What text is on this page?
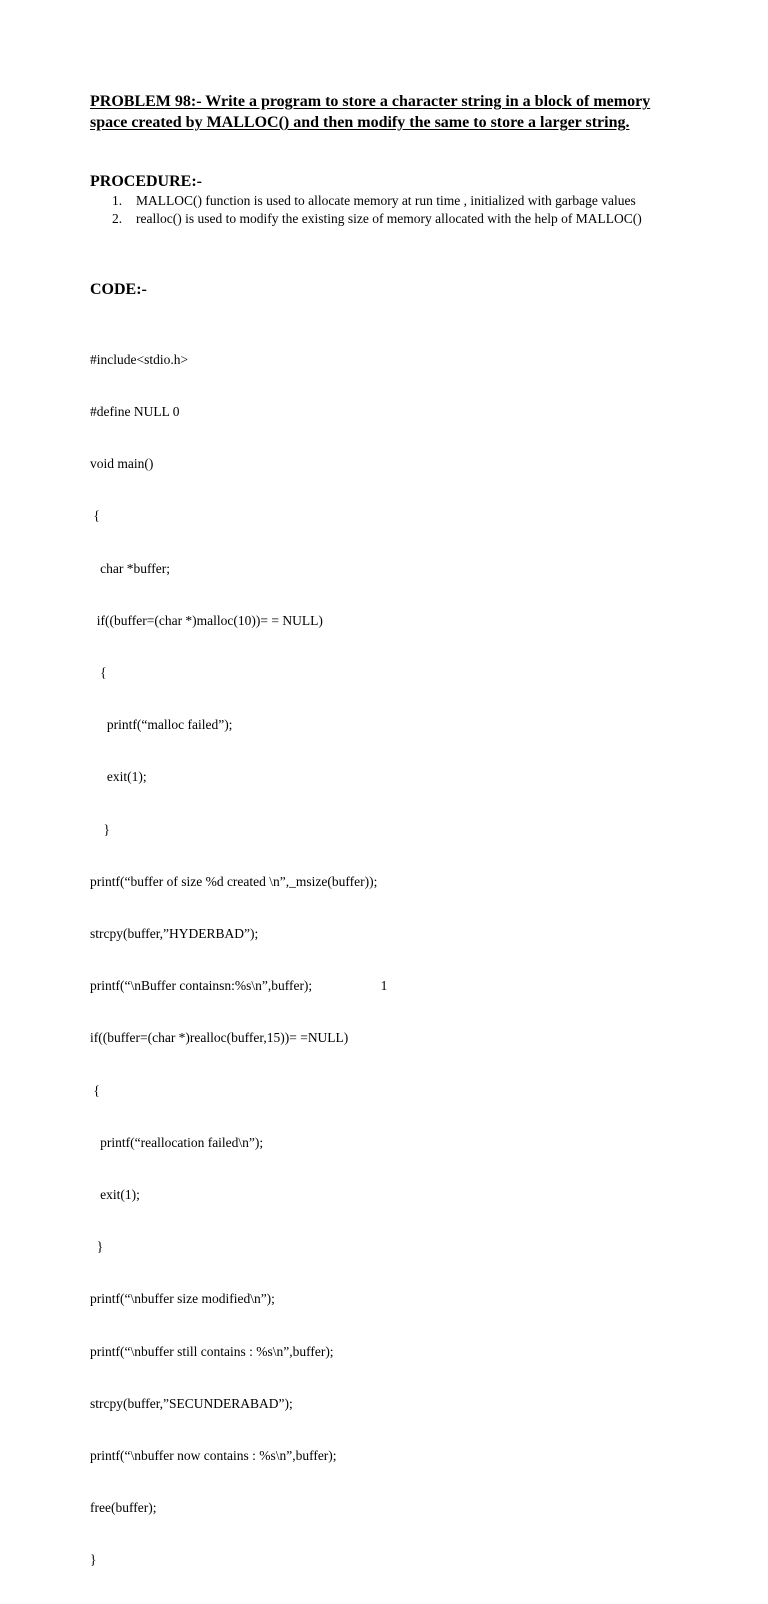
PROBLEM 98:- Write a program to store a character string in a block of memory space created by MALLOC() and then modify the same to store a larger string.
PROCEDURE:-
1. MALLOC() function is used to allocate memory at run time , initialized with garbage values
2. realloc() is used to modify the existing size of memory allocated with the help of MALLOC()
CODE:-

#include<stdio.h>

#define NULL 0

void main()

{

char *buffer;

if((buffer=(char *)malloc(10))= = NULL)

{

printf(“malloc failed”);

exit(1);

}

printf(“buffer of size %d created \n”,_msize(buffer));

strcpy(buffer,”HYDERBAD”);

printf(“\nBuffer containsn:%s\n”,buffer);

if((buffer=(char *)realloc(buffer,15))= =NULL)

{

printf(“reallocation failed\n”);

exit(1);

}

printf(“\nbuffer size modified\n”);

printf(“\nbuffer still contains : %s\n”,buffer);

strcpy(buffer,”SECUNDERABAD”);

printf(“\nbuffer now contains : %s\n”,buffer);

free(buffer);

}

1
